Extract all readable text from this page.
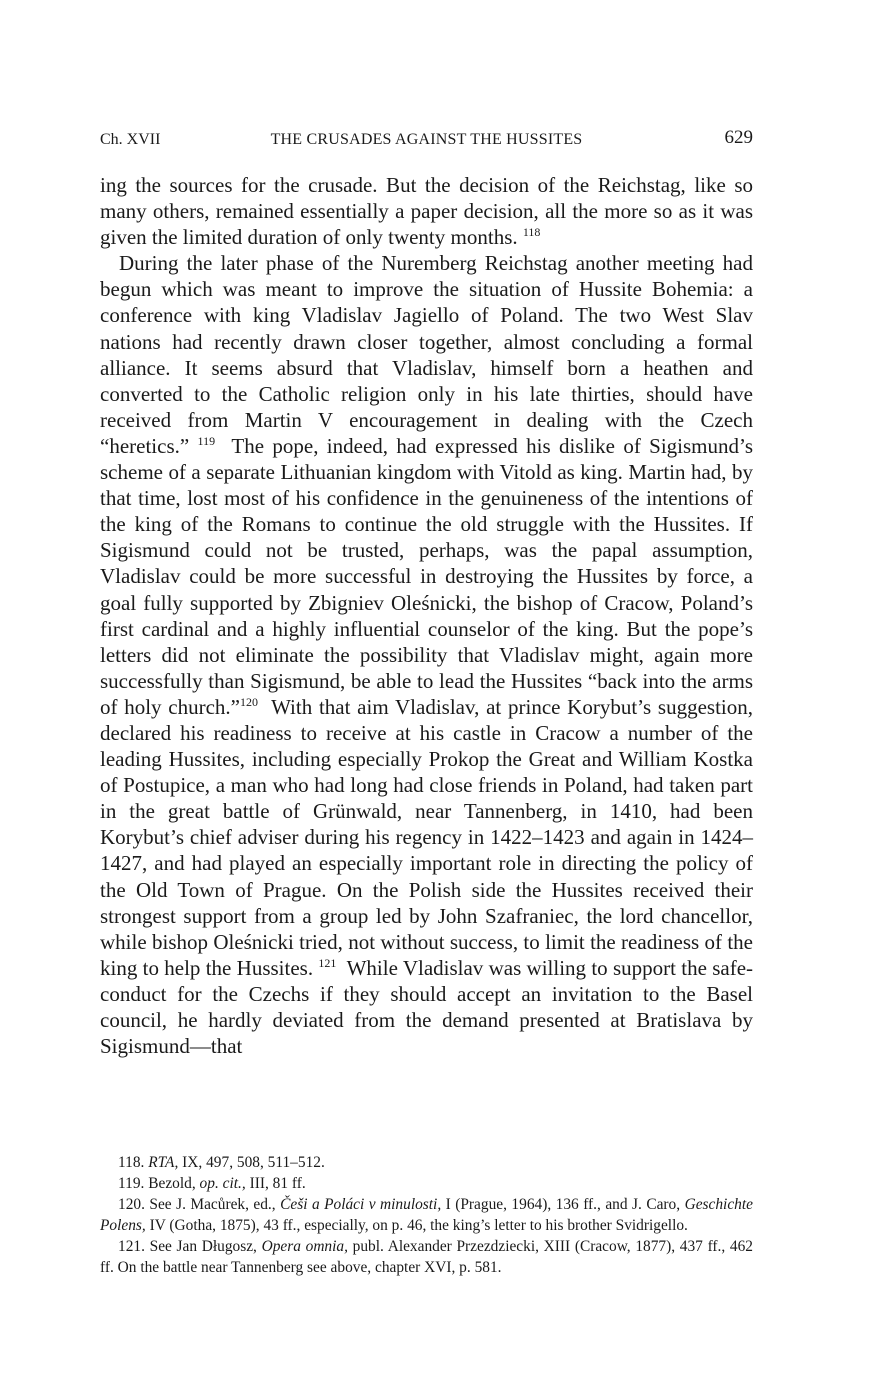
Ch. XVII	THE CRUSADES AGAINST THE HUSSITES	629

ing the sources for the crusade. But the decision of the Reichstag, like so many others, remained essentially a paper decision, all the more so as it was given the limited duration of only twenty months. $^{118}$

During the later phase of the Nuremberg Reichstag another meeting had begun which was meant to improve the situation of Hussite Bohemia: a conference with king Vladislav Jagiello of Poland. The two West Slav nations had recently drawn closer together, almost concluding a formal alliance. It seems absurd that Vladislav, himself born a heathen and converted to the Catholic religion only in his late thirties, should have received from Martin V encouragement in dealing with the Czech “heretics.” $^{119}$ The pope, indeed, had expressed his dislike of Sigismund’s scheme of a separate Lithuanian kingdom with Vitold as king. Martin had, by that time, lost most of his confidence in the genuineness of the intentions of the king of the Romans to continue the old struggle with the Hussites. If Sigismund could not be trusted, perhaps, was the papal assumption, Vladislav could be more successful in destroying the Hussites by force, a goal fully supported by Zbigniev Oleśnicki, the bishop of Cracow, Poland’s first cardinal and a highly influential counselor of the king. But the pope’s letters did not eliminate the possibility that Vladislav might, again more successfully than Sigismund, be able to lead the Hussites “back into the arms of holy church.”$^{120}$ With that aim Vladislav, at prince Korybut’s suggestion, declared his readiness to receive at his castle in Cracow a number of the leading Hussites, including especially Prokop the Great and William Kostka of Postupice, a man who had long had close friends in Poland, had taken part in the great battle of Grünwald, near Tannenberg, in 1410, had been Korybut’s chief adviser during his regency in 1422–1423 and again in 1424–1427, and had played an especially important role in directing the policy of the Old Town of Prague. On the Polish side the Hussites received their strongest support from a group led by John Szafraniec, the lord chancellor, while bishop Oleśnicki tried, not without success, to limit the readiness of the king to help the Hussites. $^{121}$ While Vladislav was willing to support the safe-conduct for the Czechs if they should accept an invitation to the Basel council, he hardly deviated from the demand presented at Bratislava by Sigismund—that

118. RTA, IX, 497, 508, 511–512.

119. Bezold, op. cit., III, 81 ff.

120. See J. Macůrek, ed., Češi a Poláci v minulosti, I (Prague, 1964), 136 ff., and J. Caro, Geschichte Polens, IV (Gotha, 1875), 43 ff., especially, on p. 46, the king’s letter to his brother Svidrigello.

121. See Jan Długosz, Opera omnia, publ. Alexander Przezdziecki, XIII (Cracow, 1877), 437 ff., 462 ff. On the battle near Tannenberg see above, chapter XVI, p. 581.
